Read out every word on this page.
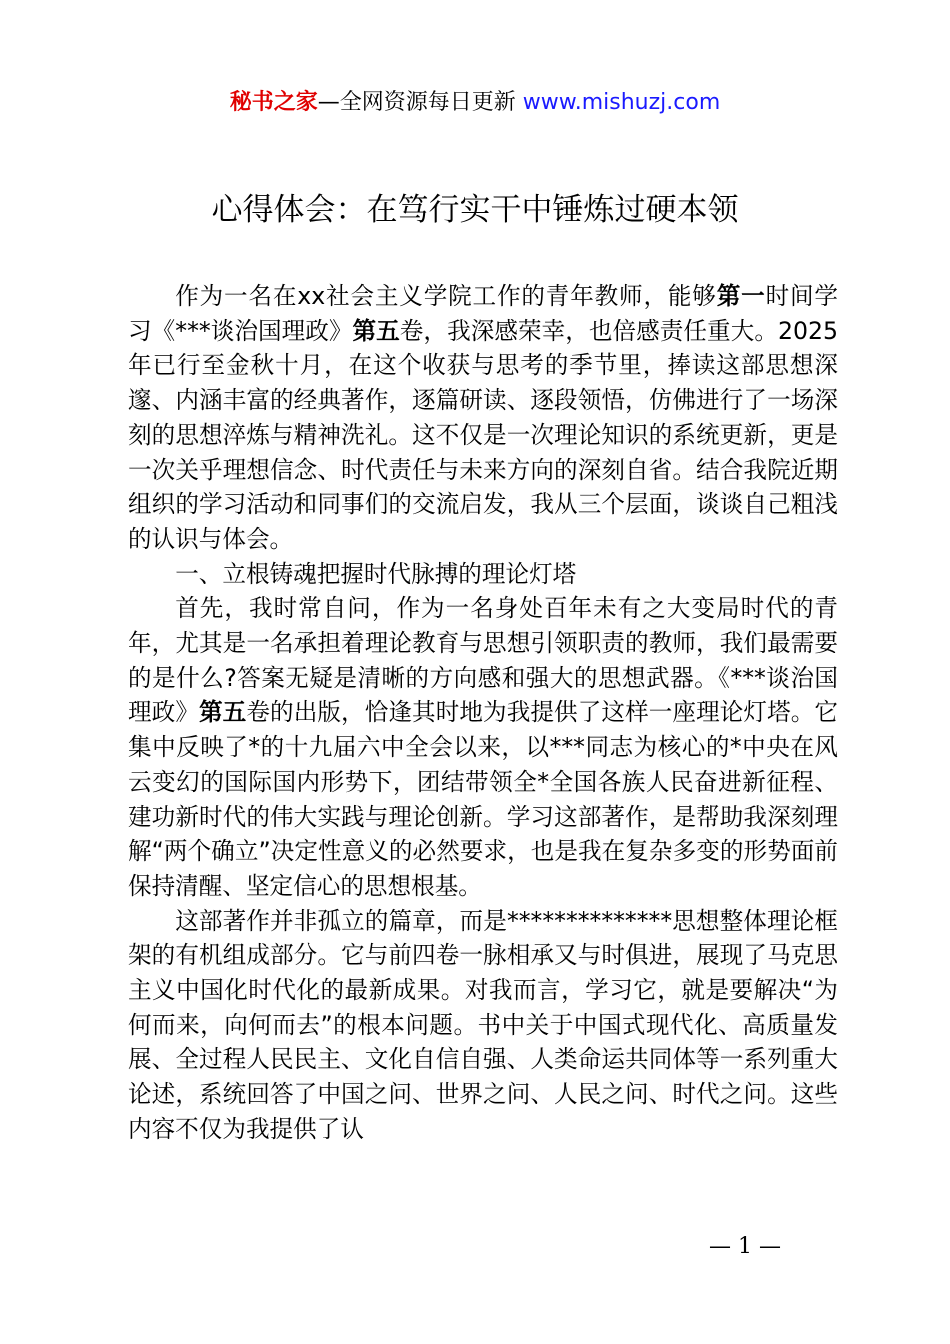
秘书之家—全网资源每日更新 www.mishuzj.com
心得体会：在笃行实干中锤炼过硬本领

作为一名在xx社会主义学院工作的青年教师，能够第一时间学习《***谈治国理政》第五卷，我深感荣幸，也倍感责任重大。2025年已行至金秋十月，在这个收获与思考的季节里，捧读这部思想深邃、内涵丰富的经典著作，逐篇研读、逐段领悟，仿佛进行了一场深刻的思想淬炼与精神洗礼。这不仅是一次理论知识的系统更新，更是一次关乎理想信念、时代责任与未来方向的深刻自省。结合我院近期组织的学习活动和同事们的交流启发，我从三个层面，谈谈自己粗浅的认识与体会。

一、立根铸魂把握时代脉搏的理论灯塔

首先，我时常自问，作为一名身处百年未有之大变局时代的青年，尤其是一名承担着理论教育与思想引领职责的教师，我们最需要的是什么?答案无疑是清晰的方向感和强大的思想武器。《***谈治国理政》第五卷的出版，恰逢其时地为我提供了这样一座理论灯塔。它集中反映了*的十九届六中全会以来，以***同志为核心的*中央在风云变幻的国际国内形势下，团结带领全*全国各族人民奋进新征程、建功新时代的伟大实践与理论创新。学习这部著作，是帮助我深刻理解“两个确立”决定性意义的必然要求，也是我在复杂多变的形势面前保持清醒、坚定信心的思想根基。

这部著作并非孤立的篇章，而是**************思想整体理论框架的有机组成部分。它与前四卷一脉相承又与时俱进，展现了马克思主义中国化时代化的最新成果。对我而言，学习它，就是要解决“为何而来，向何而去”的根本问题。书中关于中国式现代化、高质量发展、全过程人民民主、文化自信自强、人类命运共同体等一系列重大论述，系统回答了中国之问、世界之问、人民之问、时代之问。这些内容不仅为我提供了认

— 1 —
